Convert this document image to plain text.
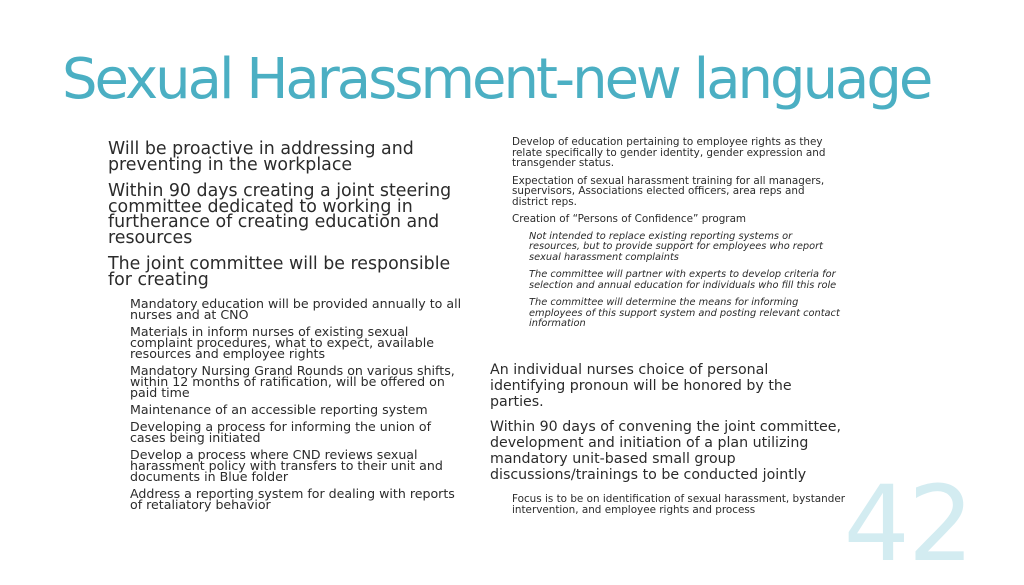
Sexual Harassment-new language
Will be proactive in addressing and preventing in the workplace
Within 90 days creating a joint steering committee dedicated to working in furtherance of creating education and resources
The joint committee will be responsible for creating
Mandatory education will be provided annually to all nurses and at CNO
Materials in inform nurses of existing sexual complaint procedures, what to expect, available resources and employee rights
Mandatory Nursing Grand Rounds on various shifts, within 12 months of ratification, will be offered on paid time
Maintenance of an accessible reporting system
Developing a process for informing the union of cases being initiated
Develop a process where CND reviews sexual harassment policy with transfers to their unit and documents in Blue folder
Address a reporting system for dealing with reports of retaliatory behavior
Develop of education pertaining to employee rights as they relate specifically to gender identity, gender expression and transgender status.
Expectation of sexual harassment training for all managers, supervisors, Associations elected officers, area reps and district reps.
Creation of “Persons of Confidence” program
Not intended to replace existing reporting systems or resources, but to provide support for employees who report sexual harassment complaints
The committee will partner with experts to develop criteria for selection and annual education for individuals who fill this role
The committee will determine the means for informing employees of this support system and posting relevant contact information
An individual nurses choice of personal identifying pronoun will be honored by the parties.
Within 90 days of convening the joint committee, development and initiation of a plan utilizing mandatory unit-based small group discussions/trainings to be conducted jointly
Focus is to be on identification of sexual harassment, bystander intervention, and employee rights and process 42
